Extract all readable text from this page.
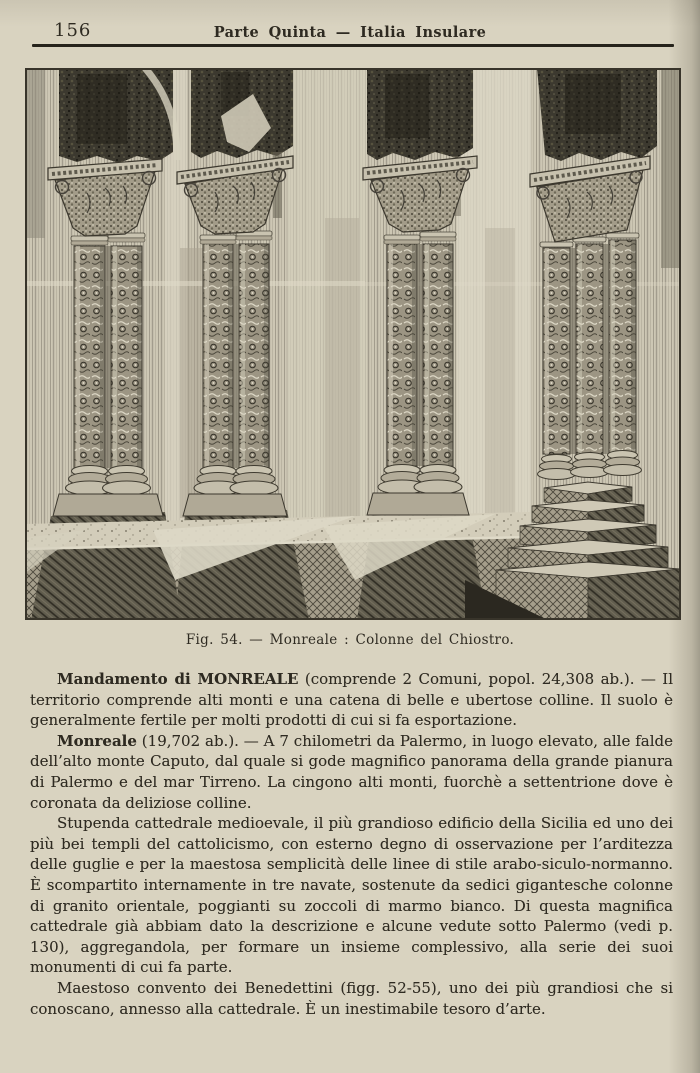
156	Parte Quinta — Italia Insulare
Fig. 54. — Monreale : Colonne del Chiostro.

Mandamento di MONREALE (comprende 2 Comuni, popol. 24,308 ab.). — Il territorio comprende alti monti e una catena di belle e ubertose colline. Il suolo è generalmente fertile per molti prodotti di cui si fa esportazione.

Monreale (19,702 ab.). — A 7 chilometri da Palermo, in luogo elevato, alle falde dell’alto monte Caputo, dal quale si gode magnifico panorama della grande pianura di Palermo e del mar Tirreno. La cingono alti monti, fuorchè a settentrione dove è coronata da deliziose colline.

Stupenda cattedrale medioevale, il più grandioso edificio della Sicilia ed uno dei più bei templi del cattolicismo, con esterno degno di osservazione per l’arditezza delle guglie e per la maestosa semplicità delle linee di stile arabo-siculo-normanno. È scompartito internamente in tre navate, sostenute da sedici gigantesche colonne di granito orientale, poggianti su zoccoli di marmo bianco. Di questa magnifica cattedrale già abbiam dato la descrizione e alcune vedute sotto Palermo (vedi p. 130), aggregandola, per formare un insieme complessivo, alla serie dei suoi monumenti di cui fa parte.

Maestoso convento dei Benedettini (figg. 52-55), uno dei più grandiosi che si conoscano, annesso alla cattedrale. È un inestimabile tesoro d’arte.
